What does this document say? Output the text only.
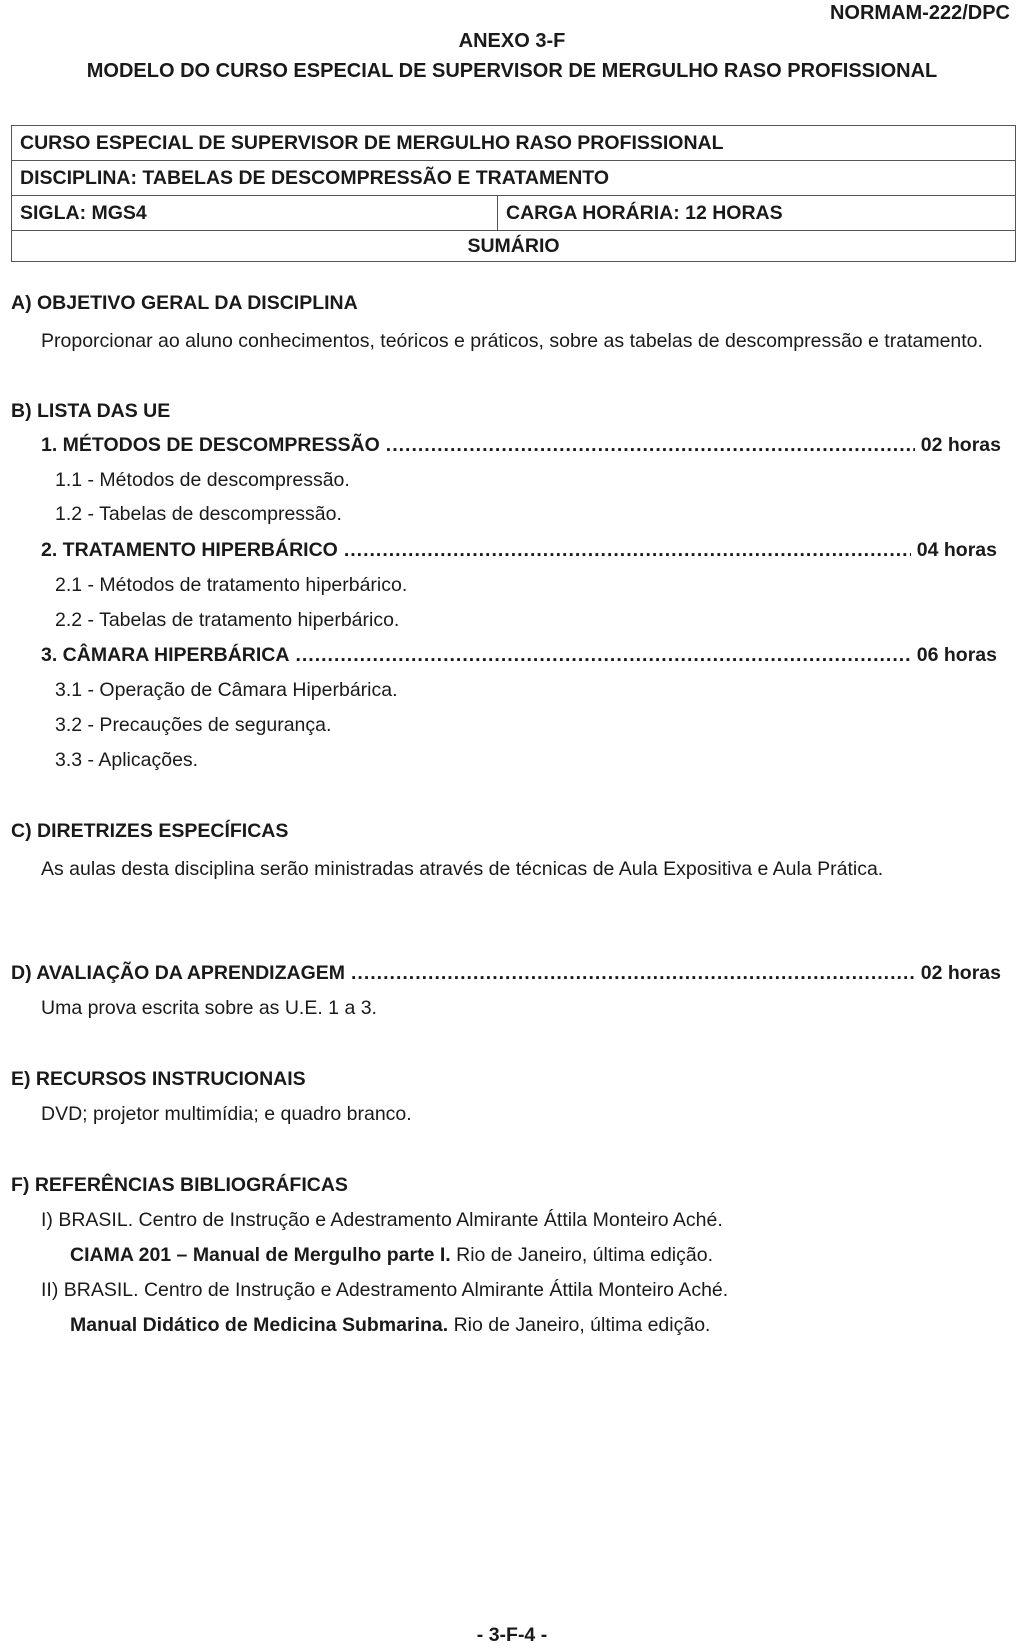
NORMAM-222/DPC
ANEXO 3-F
MODELO DO CURSO ESPECIAL DE SUPERVISOR DE MERGULHO RASO PROFISSIONAL
CURSO ESPECIAL DE SUPERVISOR DE MERGULHO RASO PROFISSIONAL
DISCIPLINA: TABELAS DE DESCOMPRESSÃO E TRATAMENTO
SIGLA: MGS4	CARGA HORÁRIA: 12 HORAS
SUMÁRIO
A) OBJETIVO GERAL DA DISCIPLINA
Proporcionar ao aluno conhecimentos, teóricos e práticos, sobre as tabelas de descompressão e tratamento.
B) LISTA DAS UE
1. MÉTODOS DE DESCOMPRESSÃO .....	02 horas
1.1 - Métodos de descompressão.
1.2 - Tabelas de descompressão.
2. TRATAMENTO HIPERBÁRICO .....	04 horas
2.1 - Métodos de tratamento hiperbárico.
2.2 - Tabelas de tratamento hiperbárico.
3. CÂMARA HIPERBÁRICA .....	06 horas
3.1 - Operação de Câmara Hiperbárica.
3.2 - Precauções de segurança.
3.3 - Aplicações.
C) DIRETRIZES ESPECÍFICAS
As aulas desta disciplina serão ministradas através de técnicas de Aula Expositiva e Aula Prática.
D) AVALIAÇÃO DA APRENDIZAGEM .....	02 horas
Uma prova escrita sobre as U.E. 1 a 3.
E) RECURSOS INSTRUCIONAIS
DVD; projetor multimídia; e quadro branco.
F) REFERÊNCIAS BIBLIOGRÁFICAS
I) BRASIL. Centro de Instrução e Adestramento Almirante Áttila Monteiro Aché.
CIAMA 201 – Manual de Mergulho parte I. Rio de Janeiro, última edição.
II) BRASIL. Centro de Instrução e Adestramento Almirante Áttila Monteiro Aché.
Manual Didático de Medicina Submarina. Rio de Janeiro, última edição.
- 3-F-4 -
